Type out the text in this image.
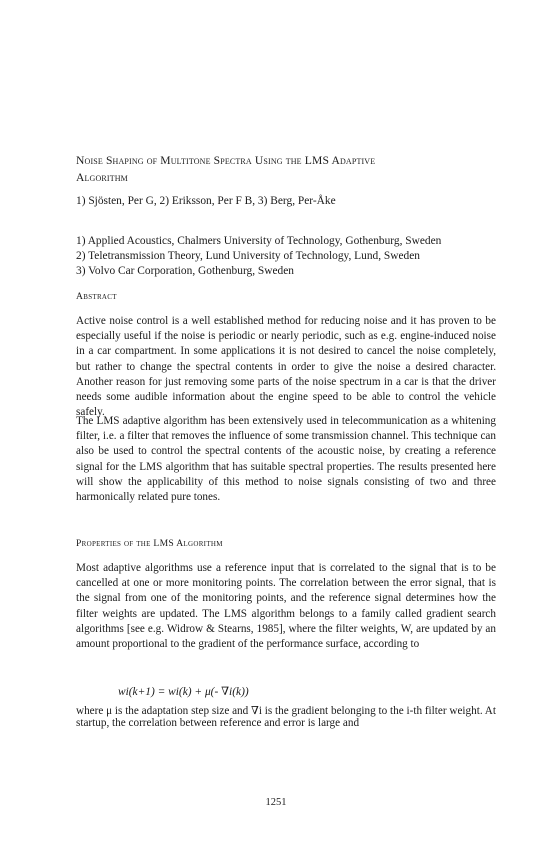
Noise Shaping of Multitone Spectra Using the LMS Adaptive
Algorithm
1) Sjösten, Per G, 2) Eriksson, Per F B, 3) Berg, Per-Åke
1) Applied Acoustics, Chalmers University of Technology, Gothenburg, Sweden
2) Teletransmission Theory, Lund University of Technology, Lund, Sweden
3) Volvo Car Corporation, Gothenburg, Sweden
Abstract

Active noise control is a well established method for reducing noise and it has proven to be especially useful if the noise is periodic or nearly periodic, such as e.g. engine-induced noise in a car compartment. In some applications it is not desired to cancel the noise completely, but rather to change the spectral contents in order to give the noise a desired character. Another reason for just removing some parts of the noise spectrum in a car is that the driver needs some audible information about the engine speed to be able to control the vehicle safely.

The LMS adaptive algorithm has been extensively used in telecommunication as a whitening filter, i.e. a filter that removes the influence of some transmission channel. This technique can also be used to control the spectral contents of the acoustic noise, by creating a reference signal for the LMS algorithm that has suitable spectral properties. The results presented here will show the applicability of this method to noise signals consisting of two and three harmonically related pure tones.

Properties of the LMS Algorithm

Most adaptive algorithms use a reference input that is correlated to the signal that is to be cancelled at one or more monitoring points. The correlation between the error signal, that is the signal from one of the monitoring points, and the reference signal determines how the filter weights are updated. The LMS algorithm belongs to a family called gradient search algorithms [see e.g. Widrow & Stearns, 1985], where the filter weights, W, are updated by an amount proportional to the gradient of the performance surface, according to

wi(k+1) = wi(k) + μ(- ∇i(k))

where μ is the adaptation step size and ∇i is the gradient belonging to the i-th filter weight. At startup, the correlation between reference and error is large and

1251
